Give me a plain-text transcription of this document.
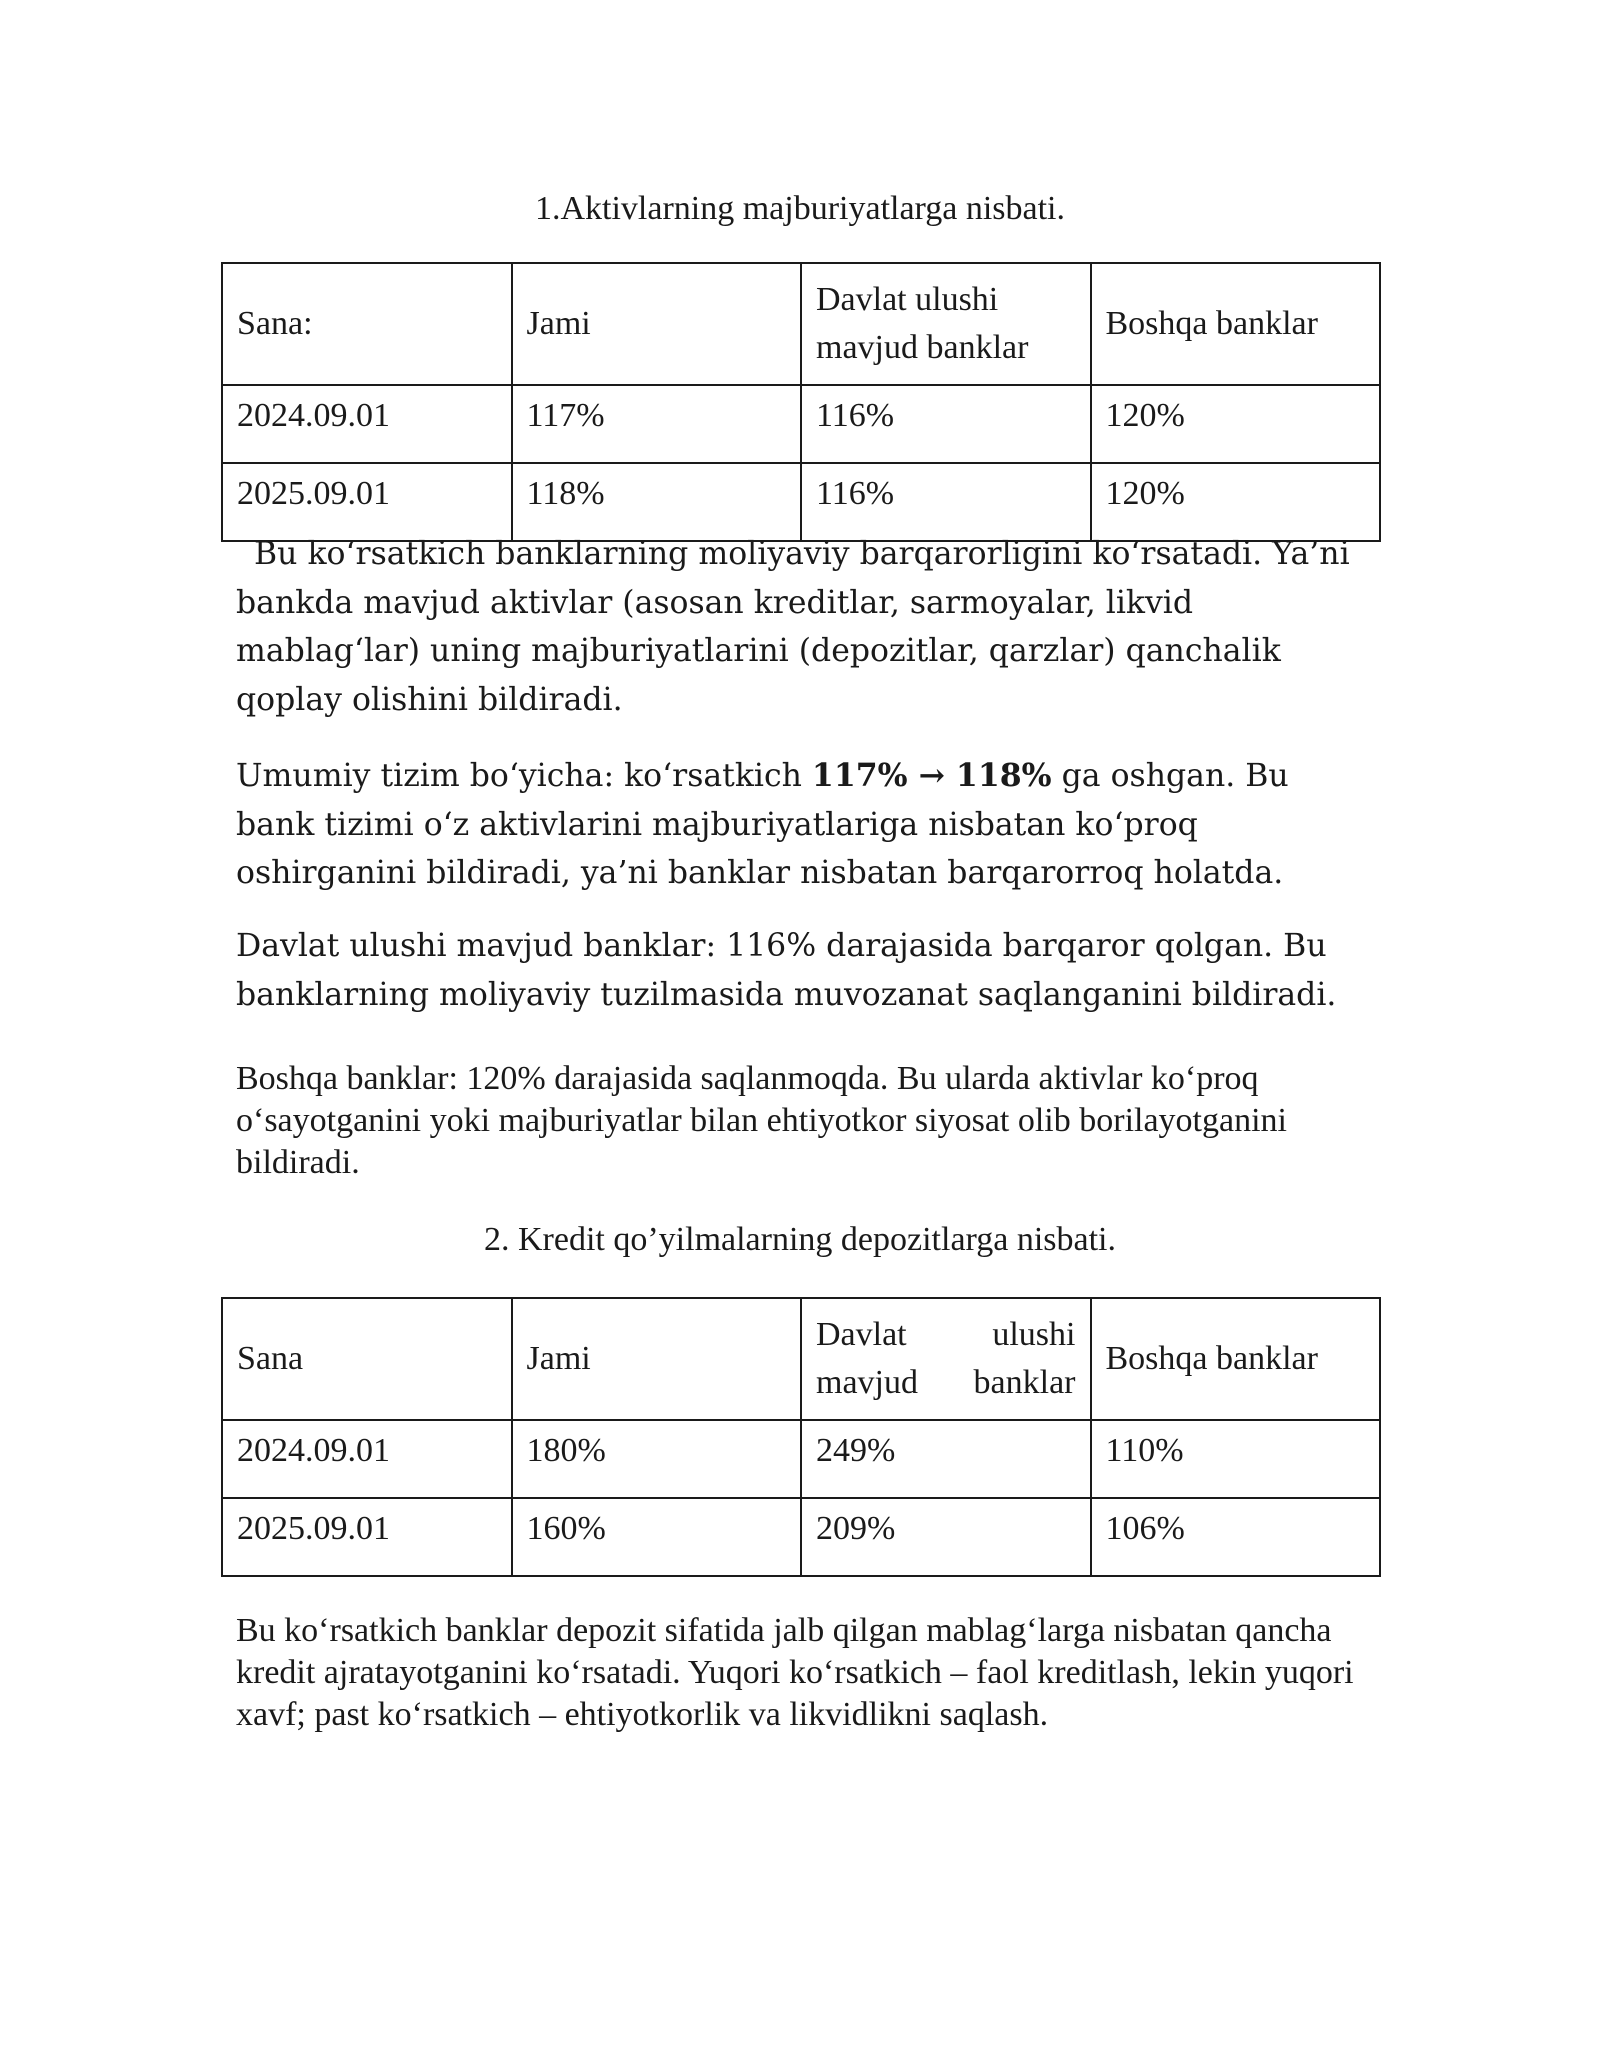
1.Aktivlarning majburiyatlarga nisbati.
Sana:	Jami	Davlat ulushi mavjud banklar	Boshqa banklar
2024.09.01	117%	116%	120%
2025.09.01	118%	116%	120%

Bu koʻrsatkich banklarning moliyaviy barqarorligini koʻrsatadi. Ya’ni bankda mavjud aktivlar (asosan kreditlar, sarmoyalar, likvid mablagʻlar) uning majburiyatlarini (depozitlar, qarzlar) qanchalik qoplay olishini bildiradi.

Umumiy tizim boʻyicha: koʻrsatkich 117% → 118% ga oshgan. Bu bank tizimi oʻz aktivlarini majburiyatlariga nisbatan koʻproq oshirganini bildiradi, ya’ni banklar nisbatan barqarorroq holatda.

Davlat ulushi mavjud banklar: 116% darajasida barqaror qolgan. Bu banklarning moliyaviy tuzilmasida muvozanat saqlanganini bildiradi.

Boshqa banklar: 120% darajasida saqlanmoqda. Bu ularda aktivlar koʻproq oʻsayotganini yoki majburiyatlar bilan ehtiyotkor siyosat olib borilayotganini bildiradi.

2. Kredit qo’yilmalarning depozitlarga nisbati.
Sana	Jami	Davlat ulushi mavjud banklar	Boshqa banklar
2024.09.01	180%	249%	110%
2025.09.01	160%	209%	106%

Bu koʻrsatkich banklar depozit sifatida jalb qilgan mablagʻlarga nisbatan qancha kredit ajratayotganini koʻrsatadi. Yuqori koʻrsatkich – faol kreditlash, lekin yuqori xavf; past koʻrsatkich – ehtiyotkorlik va likvidlikni saqlash.
